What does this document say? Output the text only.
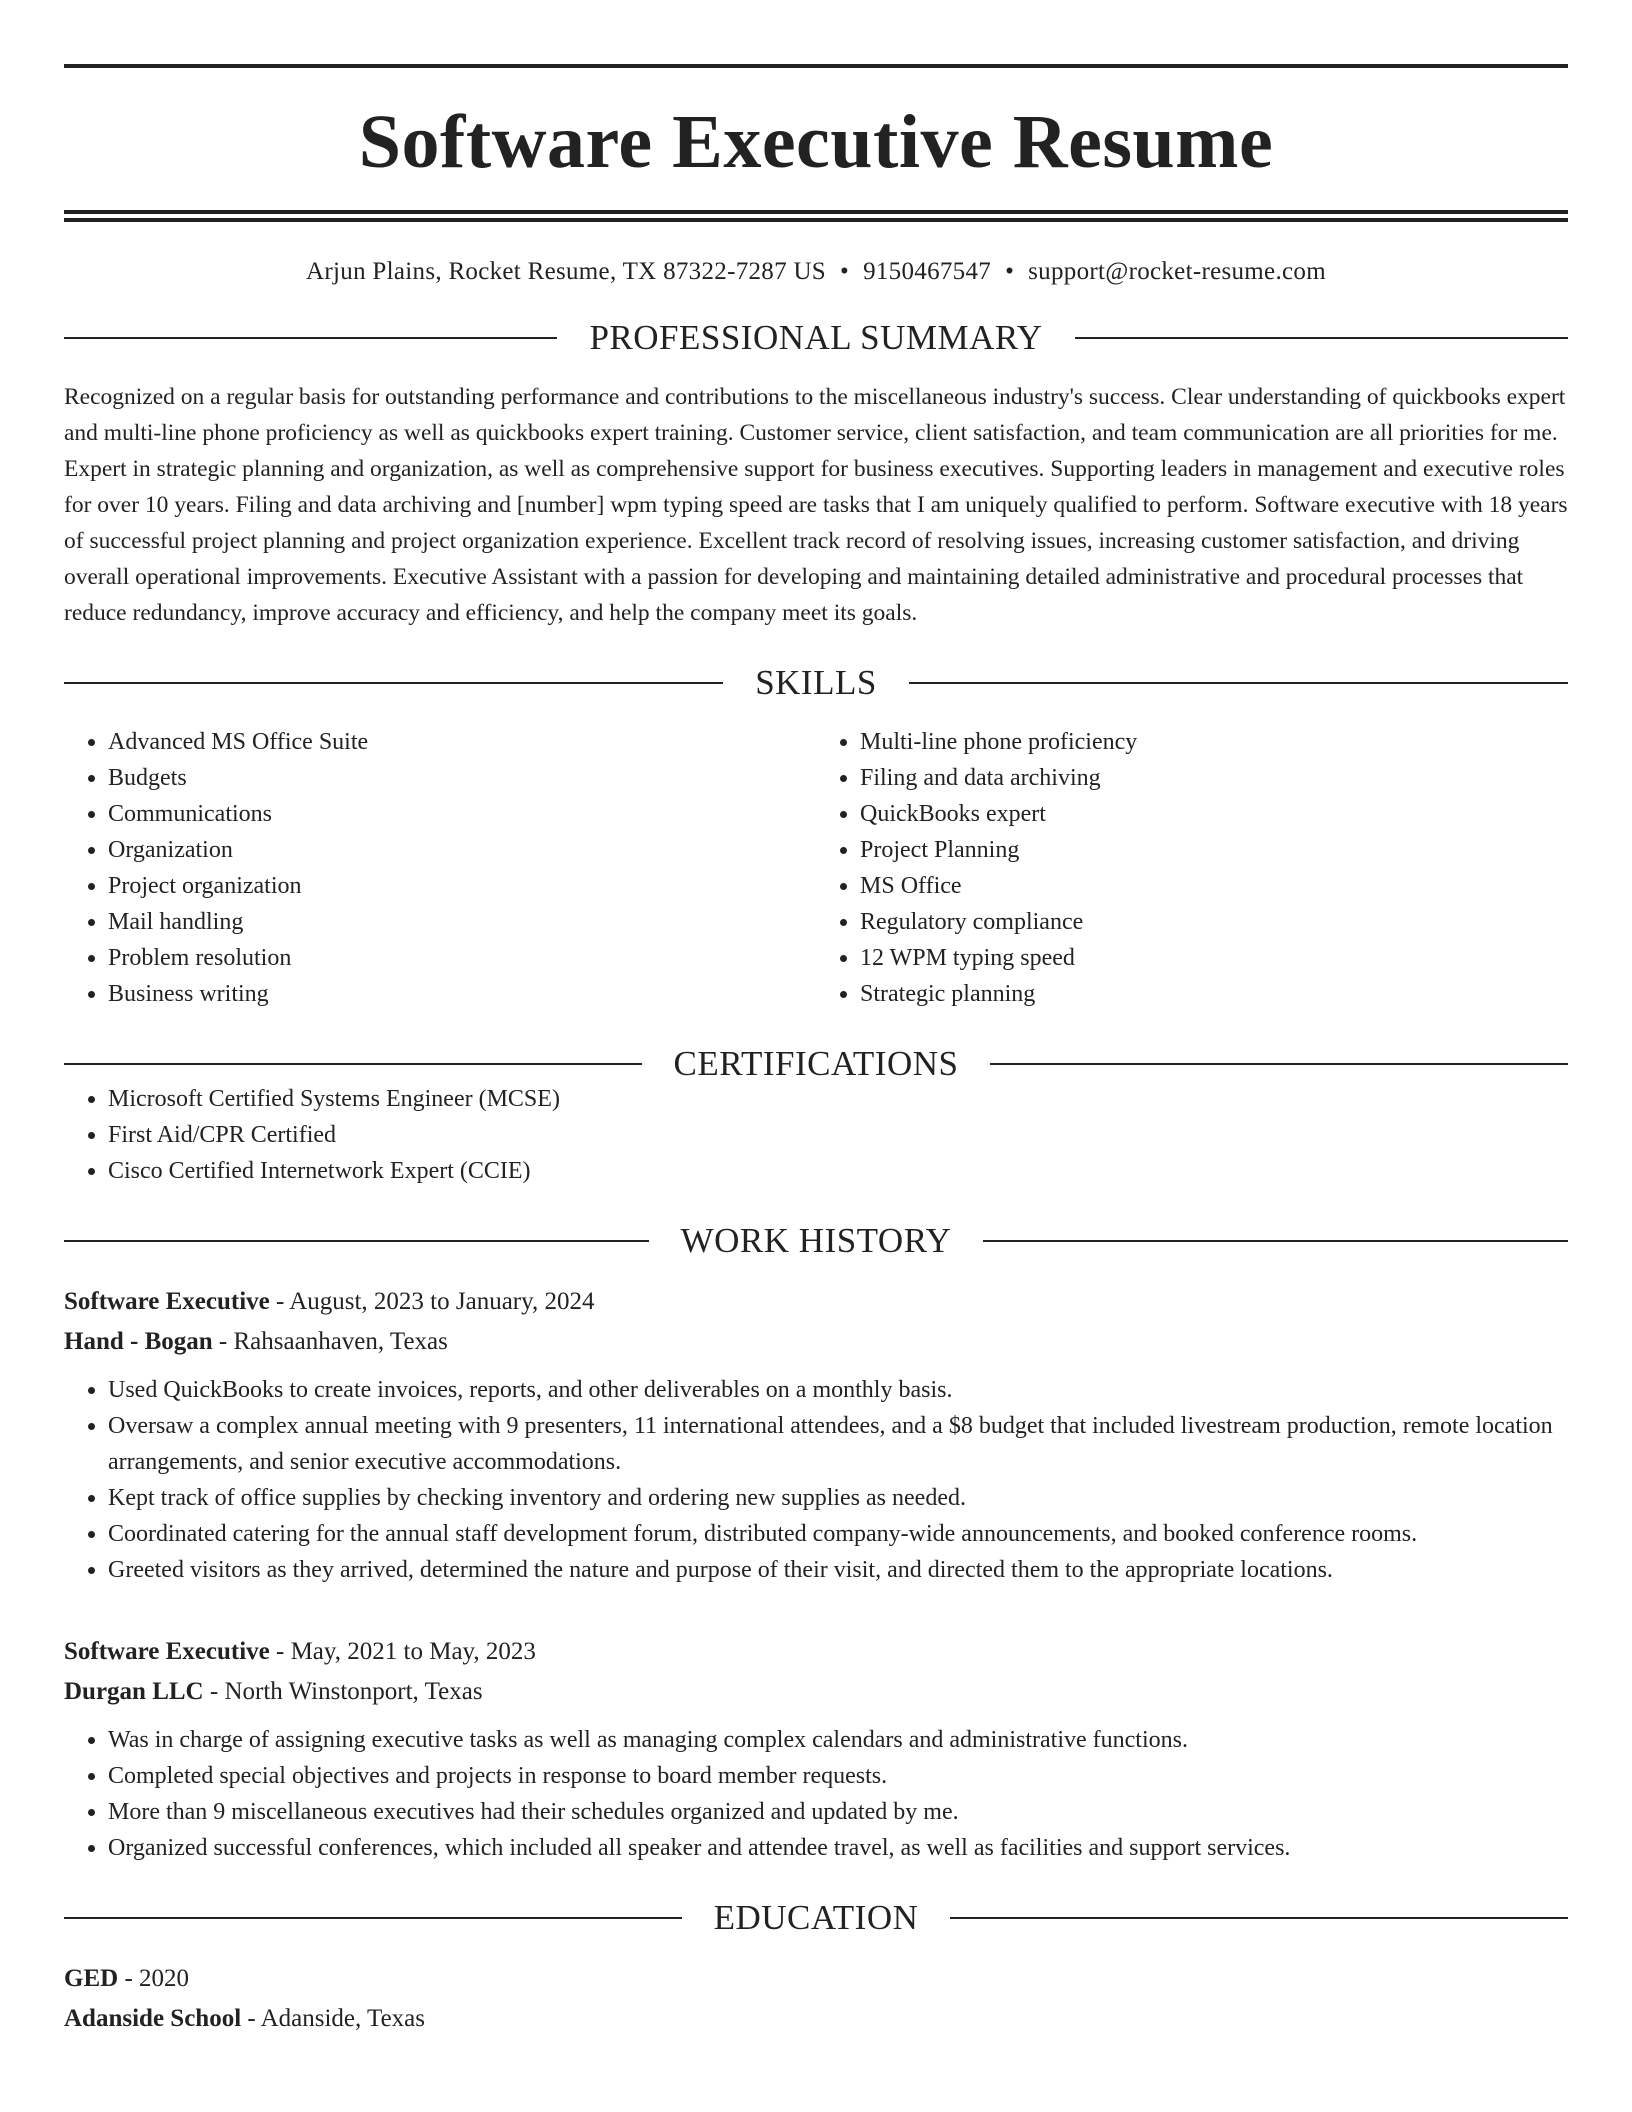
Software Executive Resume
Arjun Plains, Rocket Resume, TX 87322-7287 US • 9150467547 • support@rocket-resume.com
PROFESSIONAL SUMMARY

Recognized on a regular basis for outstanding performance and contributions to the miscellaneous industry's success. Clear understanding of quickbooks expert and multi-line phone proficiency as well as quickbooks expert training. Customer service, client satisfaction, and team communication are all priorities for me. Expert in strategic planning and organization, as well as comprehensive support for business executives. Supporting leaders in management and executive roles for over 10 years. Filing and data archiving and [number] wpm typing speed are tasks that I am uniquely qualified to perform. Software executive with 18 years of successful project planning and project organization experience. Excellent track record of resolving issues, increasing customer satisfaction, and driving overall operational improvements. Executive Assistant with a passion for developing and maintaining detailed administrative and procedural processes that reduce redundancy, improve accuracy and efficiency, and help the company meet its goals.

SKILLS
• Advanced MS Office Suite
• Budgets
• Communications
• Organization
• Project organization
• Mail handling
• Problem resolution
• Business writing
• Multi-line phone proficiency
• Filing and data archiving
• QuickBooks expert
• Project Planning
• MS Office
• Regulatory compliance
• 12 WPM typing speed
• Strategic planning
CERTIFICATIONS
• Microsoft Certified Systems Engineer (MCSE)
• First Aid/CPR Certified
• Cisco Certified Internetwork Expert (CCIE)
WORK HISTORY
Software Executive - August, 2023 to January, 2024
Hand - Bogan - Rahsaanhaven, Texas
• Used QuickBooks to create invoices, reports, and other deliverables on a monthly basis.
• Oversaw a complex annual meeting with 9 presenters, 11 international attendees, and a $8 budget that included livestream production, remote location arrangements, and senior executive accommodations.
• Kept track of office supplies by checking inventory and ordering new supplies as needed.
• Coordinated catering for the annual staff development forum, distributed company-wide announcements, and booked conference rooms.
• Greeted visitors as they arrived, determined the nature and purpose of their visit, and directed them to the appropriate locations.
Software Executive - May, 2021 to May, 2023
Durgan LLC - North Winstonport, Texas
• Was in charge of assigning executive tasks as well as managing complex calendars and administrative functions.
• Completed special objectives and projects in response to board member requests.
• More than 9 miscellaneous executives had their schedules organized and updated by me.
• Organized successful conferences, which included all speaker and attendee travel, as well as facilities and support services.
EDUCATION
GED - 2020
Adanside School - Adanside, Texas
